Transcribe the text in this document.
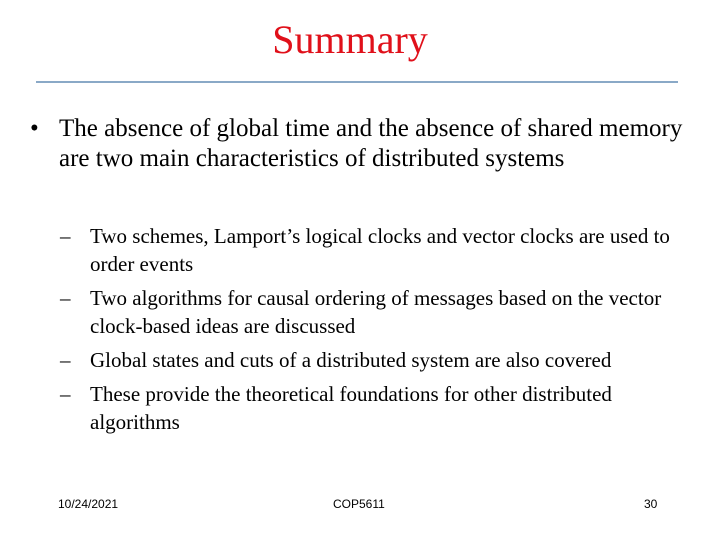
Summary
• The absence of global time and the absence of shared memory are two main characteristics of distributed systems
– Two schemes, Lamport’s logical clocks and vector clocks are used to order events
– Two algorithms for causal ordering of messages based on the vector clock-based ideas are discussed
– Global states and cuts of a distributed system are also covered
– These provide the theoretical foundations for other distributed algorithms
10/24/2021	COP5611	30
